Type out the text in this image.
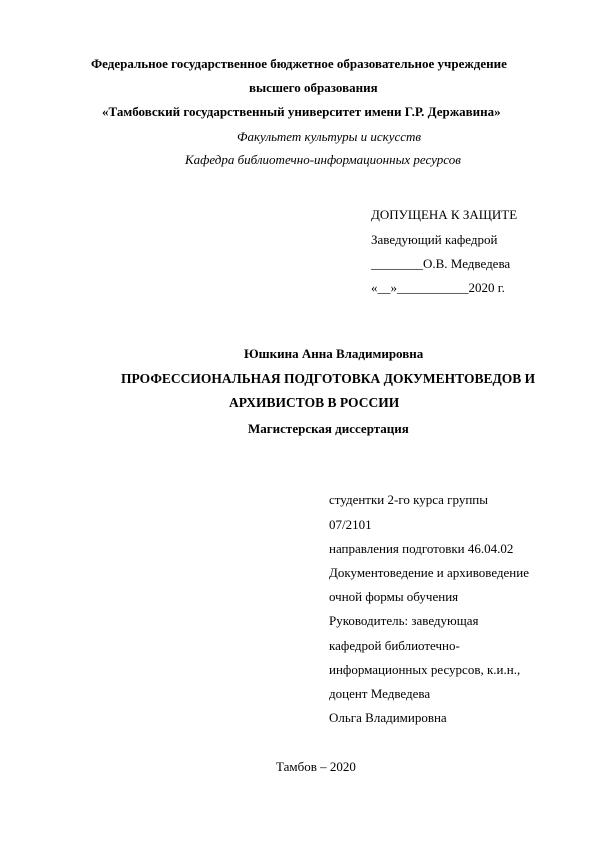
Федеральное государственное бюджетное образовательное учреждение
высшего образования
«Тамбовский государственный университет имени Г.Р. Державина»
Факультет культуры и искусств
Кафедра библиотечно-информационных ресурсов
ДОПУЩЕНА К ЗАЩИТЕ
Заведующий кафедрой
________О.В. Медведева
«__»___________2020 г.
Юшкина Анна Владимировна
ПРОФЕССИОНАЛЬНАЯ ПОДГОТОВКА ДОКУМЕНТОВЕДОВ И
АРХИВИСТОВ В РОССИИ
Магистерская диссертация
студентки 2-го курса группы
07/2101
направления подготовки 46.04.02
Документоведение и архивоведение
очной формы обучения
Руководитель: заведующая
кафедрой библиотечно-
информационных ресурсов, к.и.н.,
доцент Медведева
Ольга Владимировна
Тамбов – 2020
